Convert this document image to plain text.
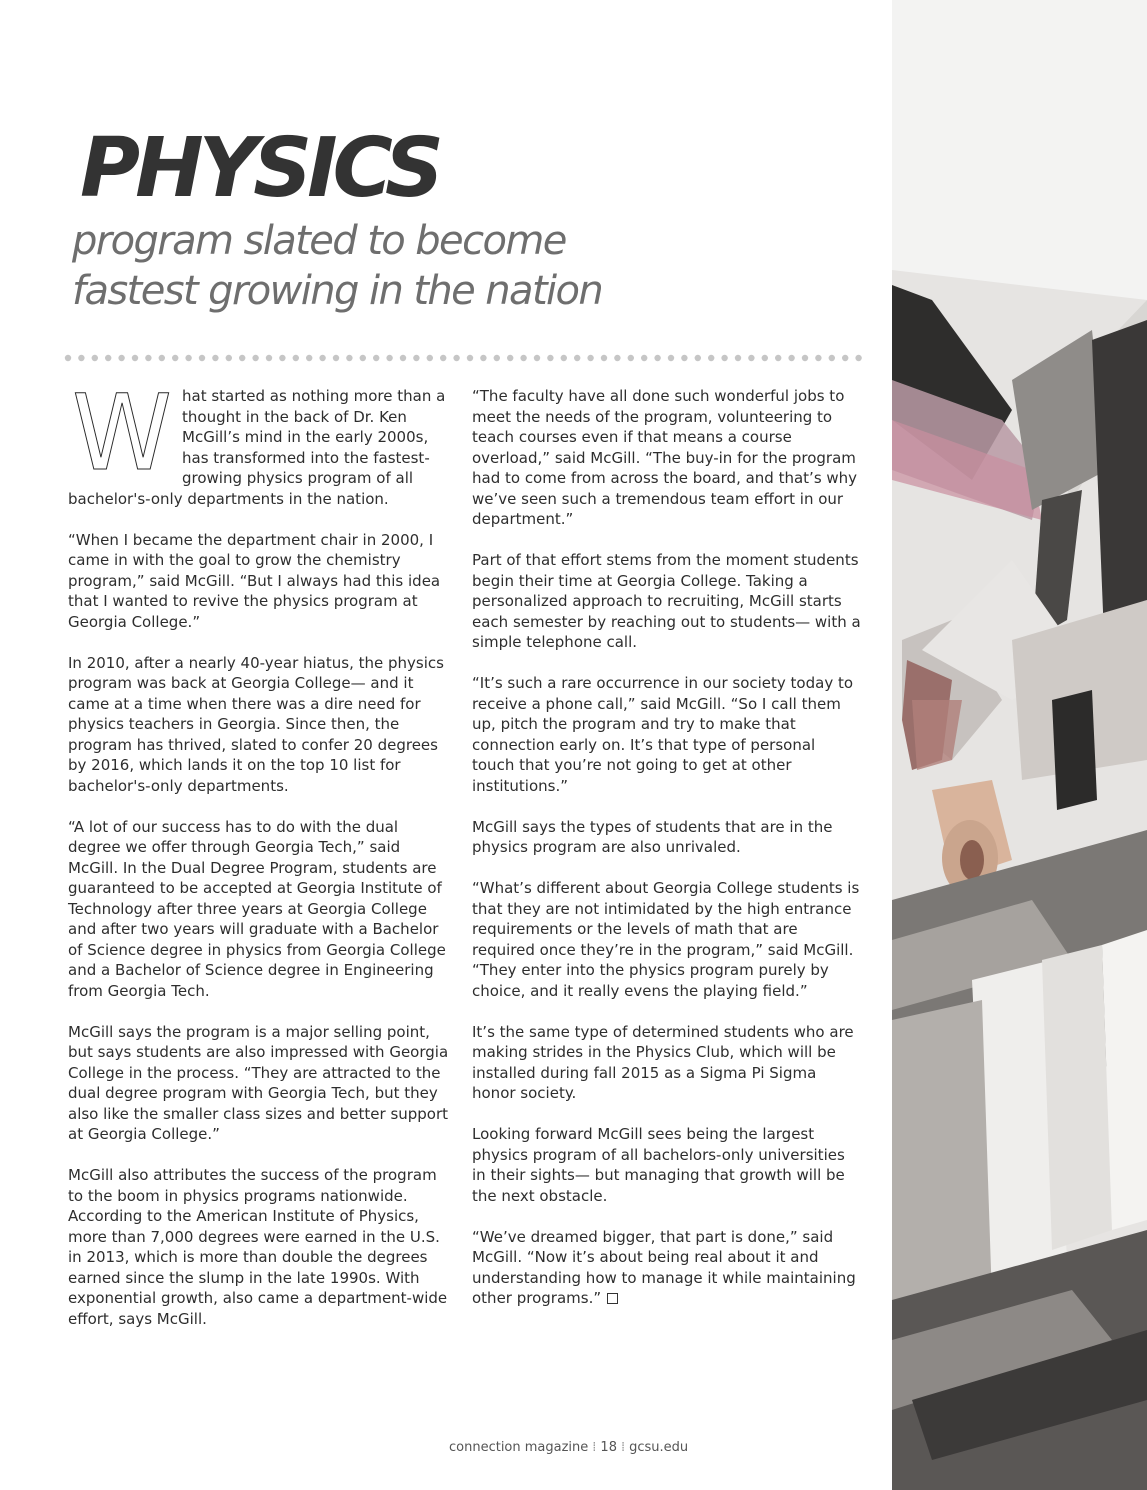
PHYSICS
program slated to become
fastest growing in the nation

W hat started as nothing more than a thought in the back of Dr. Ken McGill’s mind in the early 2000s, has transformed into the fastest-growing physics program of all bachelor's-only departments in the nation.

“When I became the department chair in 2000, I came in with the goal to grow the chemistry program,” said McGill. “But I always had this idea that I wanted to revive the physics program at Georgia College.”

In 2010, after a nearly 40-year hiatus, the physics program was back at Georgia College— and it came at a time when there was a dire need for physics teachers in Georgia. Since then, the program has thrived, slated to confer 20 degrees by 2016, which lands it on the top 10 list for bachelor's-only departments.

“A lot of our success has to do with the dual degree we offer through Georgia Tech,” said McGill. In the Dual Degree Program, students are guaranteed to be accepted at Georgia Institute of Technology after three years at Georgia College and after two years will graduate with a Bachelor of Science degree in physics from Georgia College and a Bachelor of Science degree in Engineering from Georgia Tech.

McGill says the program is a major selling point, but says students are also impressed with Georgia College in the process. “They are attracted to the dual degree program with Georgia Tech, but they also like the smaller class sizes and better support at Georgia College.”

McGill also attributes the success of the program to the boom in physics programs nationwide. According to the American Institute of Physics, more than 7,000 degrees were earned in the U.S. in 2013, which is more than double the degrees earned since the slump in the late 1990s. With exponential growth, also came a department-wide effort, says McGill.

“The faculty have all done such wonderful jobs to meet the needs of the program, volunteering to teach courses even if that means a course overload,” said McGill. “The buy-in for the program had to come from across the board, and that’s why we’ve seen such a tremendous team effort in our department.”

Part of that effort stems from the moment students begin their time at Georgia College. Taking a personalized approach to recruiting, McGill starts each semester by reaching out to students— with a simple telephone call.

“It’s such a rare occurrence in our society today to receive a phone call,” said McGill. “So I call them up, pitch the program and try to make that connection early on. It’s that type of personal touch that you’re not going to get at other institutions.”

McGill says the types of students that are in the physics program are also unrivaled.

“What’s different about Georgia College students is that they are not intimidated by the high entrance requirements or the levels of math that are required once they’re in the program,” said McGill. “They enter into the physics program purely by choice, and it really evens the playing field.”

It’s the same type of determined students who are making strides in the Physics Club, which will be installed during fall 2015 as a Sigma Pi Sigma honor society.

Looking forward McGill sees being the largest physics program of all bachelors-only universities in their sights— but managing that growth will be the next obstacle.

“We’ve dreamed bigger, that part is done,” said McGill. “Now it’s about being real about it and understanding how to manage it while maintaining other programs.”

connection magazine ⁞ 18 ⁞ gcsu.edu
